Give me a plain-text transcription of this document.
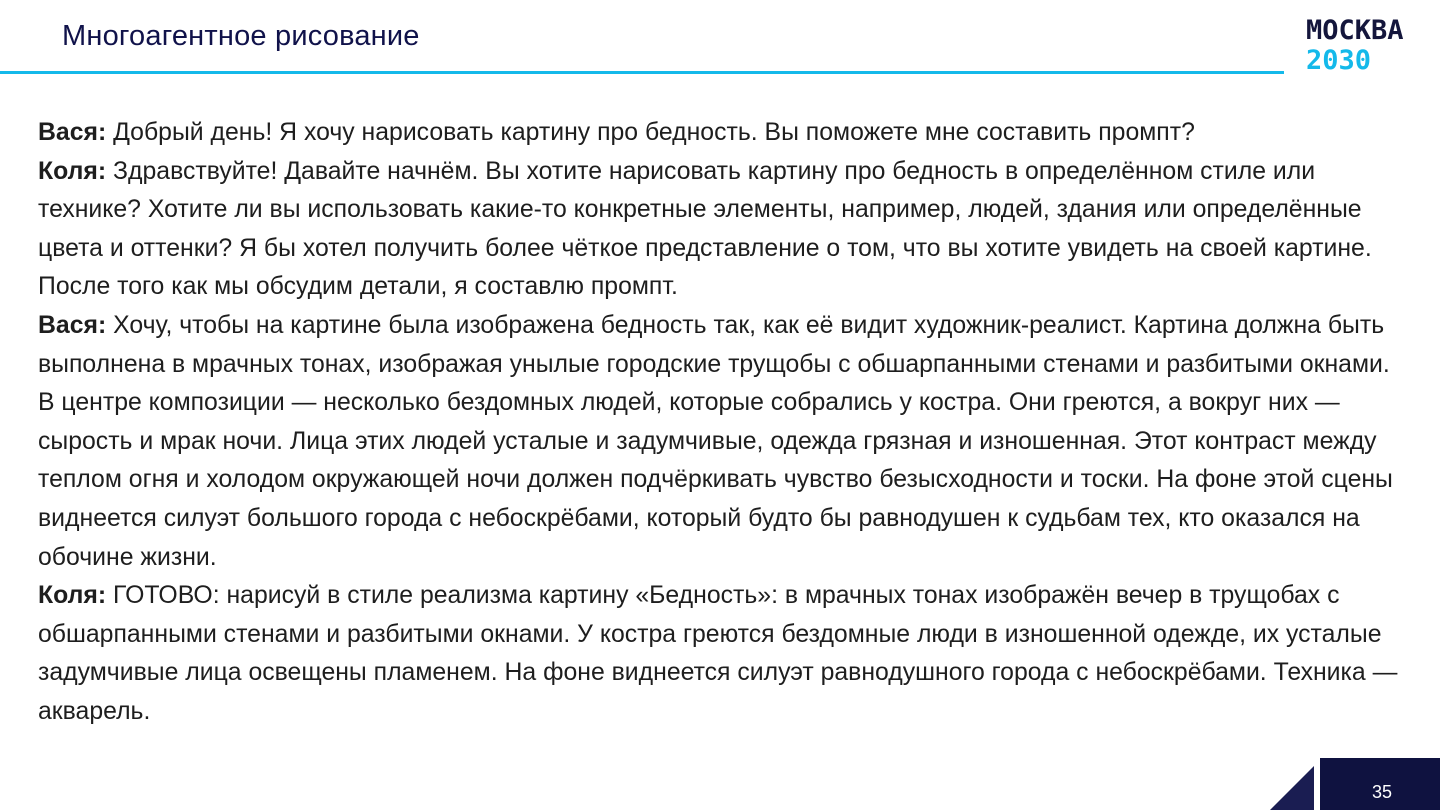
Многоагентное рисование	МОСКВА
2030

Вася: Добрый день! Я хочу нарисовать картину про бедность. Вы поможете мне составить промпт?

Коля: Здравствуйте! Давайте начнём. Вы хотите нарисовать картину про бедность в определённом стиле или технике? Хотите ли вы использовать какие-то конкретные элементы, например, людей, здания или определённые цвета и оттенки? Я бы хотел получить более чёткое представление о том, что вы хотите увидеть на своей картине. После того как мы обсудим детали, я составлю промпт.

Вася: Хочу, чтобы на картине была изображена бедность так, как её видит художник-реалист. Картина должна быть выполнена в мрачных тонах, изображая унылые городские трущобы с обшарпанными стенами и разбитыми окнами. В центре композиции — несколько бездомных людей, которые собрались у костра. Они греются, а вокруг них — сырость и мрак ночи. Лица этих людей усталые и задумчивые, одежда грязная и изношенная. Этот контраст между теплом огня и холодом окружающей ночи должен подчёркивать чувство безысходности и тоски. На фоне этой сцены виднеется силуэт большого города с небоскрёбами, который будто бы равнодушен к судьбам тех, кто оказался на обочине жизни.

Коля: ГОТОВО: нарисуй в стиле реализма картину «Бедность»: в мрачных тонах изображён вечер в трущобах с обшарпанными стенами и разбитыми окнами. У костра греются бездомные люди в изношенной одежде, их усталые задумчивые лица освещены пламенем. На фоне виднеется силуэт равнодушного города с небоскрёбами. Техника — акварель.

35
